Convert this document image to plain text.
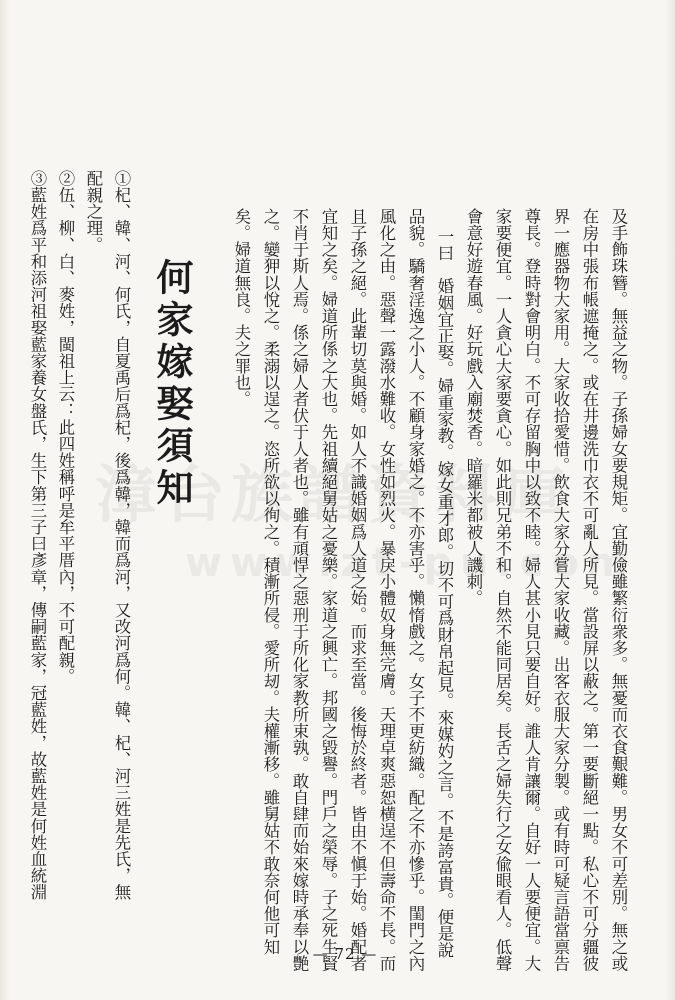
漳台族譜資料庫
www.zt-pu.com
及手飾珠簪。無益之物。子孫婦女要規矩。宜勤儉雖繁衍衆多。無憂而衣食艱難。男女不可差別。無之或
在房中張布帳遮掩之。或在井邊洗巾衣不可亂人所見。當設屏以蔽之。第一要斷絕一點。私心不可分疆彼
界一應器物大家用。大家收拾愛惜。飲食大家分嘗大家收藏。出客衣服大家分製。或有時可疑言語當禀告
尊長。登時對會明白。不可存留胸中以致不睦。婦人甚小見只要自好。誰人肯讓爾。自好一人要便宜。大
家要便宜。一人貪心大家要貪心。如此則兄弟不和。自然不能同居矣。長舌之婦失行之女偸眼看人。低聲
會意好遊春風。好玩戲入廟焚香。暗羅米都被人譏刺。
一曰　婚姻宜正娶。婦重家教。嫁女重才郎。切不可爲財帛起見。來媒妁之言。不是誇富貴。便是說
品貌。驕奢淫逸之小人。不顧身家婚之。不亦害乎。懶惰戲之。女子不更紡織。配之不亦慘乎。閨門之內
風化之由。惡聲一露潑水難收。女性如烈火。暴戾小體奴身無完膚。天理卓爽惡恕横逞不但壽命不長。而
且子孫之絕。此輩切莫與婚。如人不識婚姻爲人道之始。而求至當。後悔於終者。皆由不愼于始。婚配者
宜知之矣。婦道所係之大也。先祖續絕舅姑之憂樂。家道之興亡。邦國之毀譽。門戶之榮辱。子之死生賢
不肖于斯人焉。係之婦人者伏于人者也。雖有頑悍之惡刑于所化家教所束孰。敢自肆而始來嫁時承奉以艷
之。孌狎以悅之。柔溺以逞之。恣所欲以徇之。積漸所侵。愛所刼。夫權漸移。雖舅姑不敢奈何他可知
矣。婦道無良。夫之罪也。
何家嫁娶須知
①杞、韓、河、何氏，自夏禹后爲杞，後爲韓，韓而爲河，又改河爲何。韓、杞、河三姓是先氏，無
配親之理。
②伍、柳、白、麥姓，閩祖上云：此四姓稱呼是牟平厝內，不可配親。
③藍姓爲平和添河祖娶藍家養女盤氏，生下第三子曰彥章，傳嗣藍家，冠藍姓，故藍姓是何姓血統淵
— 72 —
